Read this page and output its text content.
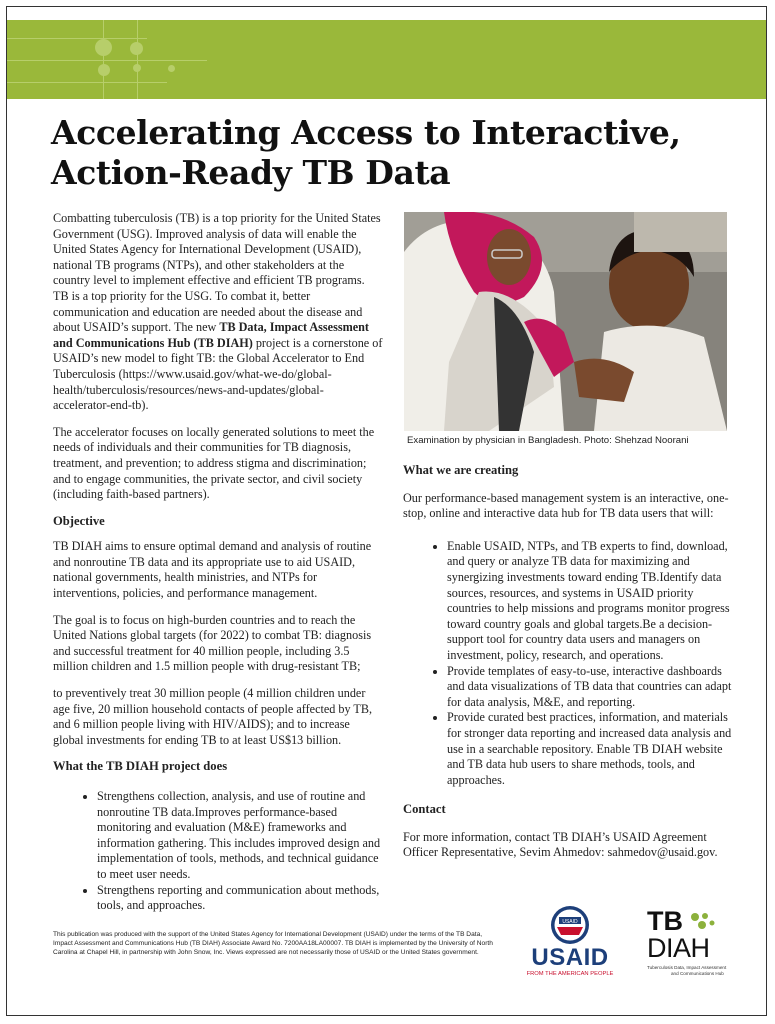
Accelerating Access to Interactive,
Action-Ready TB Data

Combatting tuberculosis (TB) is a top priority for the United States Government (USG). Improved analysis of data will enable the United States Agency for International Development (USAID), national TB programs (NTPs), and other stakeholders at the country level to implement effective and efficient TB programs. TB is a top priority for the USG. To combat it, better communication and education are needed about the disease and about USAID’s support. The new TB Data, Impact Assessment and Communications Hub (TB DIAH) project is a cornerstone of USAID’s new model to fight TB: the Global Accelerator to End Tuberculosis (https://www.usaid.gov/what-we-do/global- health/tuberculosis/resources/news-and-updates/global- accelerator-end-tb).

The accelerator focuses on locally generated solutions to meet the needs of individuals and their communities for TB diagnosis, treatment, and prevention; to address stigma and discrimination; and to engage communities, the private sector, and civil society (including faith-based partners).

Objective

TB DIAH aims to ensure optimal demand and analysis of routine and nonroutine TB data and its appropriate use to aid USAID, national governments, health ministries, and NTPs for interventions, policies, and performance management.

The goal is to focus on high-burden countries and to reach the United Nations global targets (for 2022) to combat TB: diagnosis and successful treatment for 40 million people, including 3.5 million children and 1.5 million people with drug-resistant TB;

to preventively treat 30 million people (4 million children under age five, 20 million household contacts of people affected by TB, and 6 million people living with HIV/AIDS); and to increase global investments for ending TB to at least US$13 billion.

What the TB DIAH project does
• Strengthens collection, analysis, and use of routine and nonroutine TB data.Improves performance-based monitoring and evaluation (M&E) frameworks and information gathering. This includes improved design and implementation of tools, methods, and technical guidance to meet user needs.
• Strengthens reporting and communication about methods, tools, and approaches.
Examination by physician in Bangladesh. Photo: Shehzad Noorani
What we are creating

Our performance-based management system is an interactive, one-stop, online and interactive data hub for TB data users that will:

• Enable USAID, NTPs, and TB experts to find, download, and query or analyze TB data for maximizing and synergizing investments toward ending TB.Identify data sources, resources, and systems in USAID priority countries to help missions and programs monitor progress toward country goals and global targets.Be a decision-support tool for country data users and managers on investment, policy, research, and operations.
• Provide templates of easy-to-use, interactive dashboards and data visualizations of TB data that countries can adapt for data analysis, M&E, and reporting.
• Provide curated best practices, information, and materials for stronger data reporting and increased data analysis and use in a searchable repository. Enable TB DIAH website and TB data hub users to share methods, tools, and approaches.
Contact

For more information, contact TB DIAH’s USAID Agreement Officer Representative, Sevim Ahmedov: sahmedov@usaid.gov.

This publication was produced with the support of the United States Agency for International Development (USAID) under the terms of the TB Data, Impact Assessment and Communications Hub (TB DIAH) Associate Award No. 7200AA18LA00007. TB DIAH is implemented by the University of North Carolina at Chapel Hill, in partnership with John Snow, Inc. Views expressed are not necessarily those of USAID or the United States government.
USAID
USAID
FROM THE AMERICAN PEOPLE
TB
DIAH
Tuberculosis Data, Impact Assessment
and Communications Hub
